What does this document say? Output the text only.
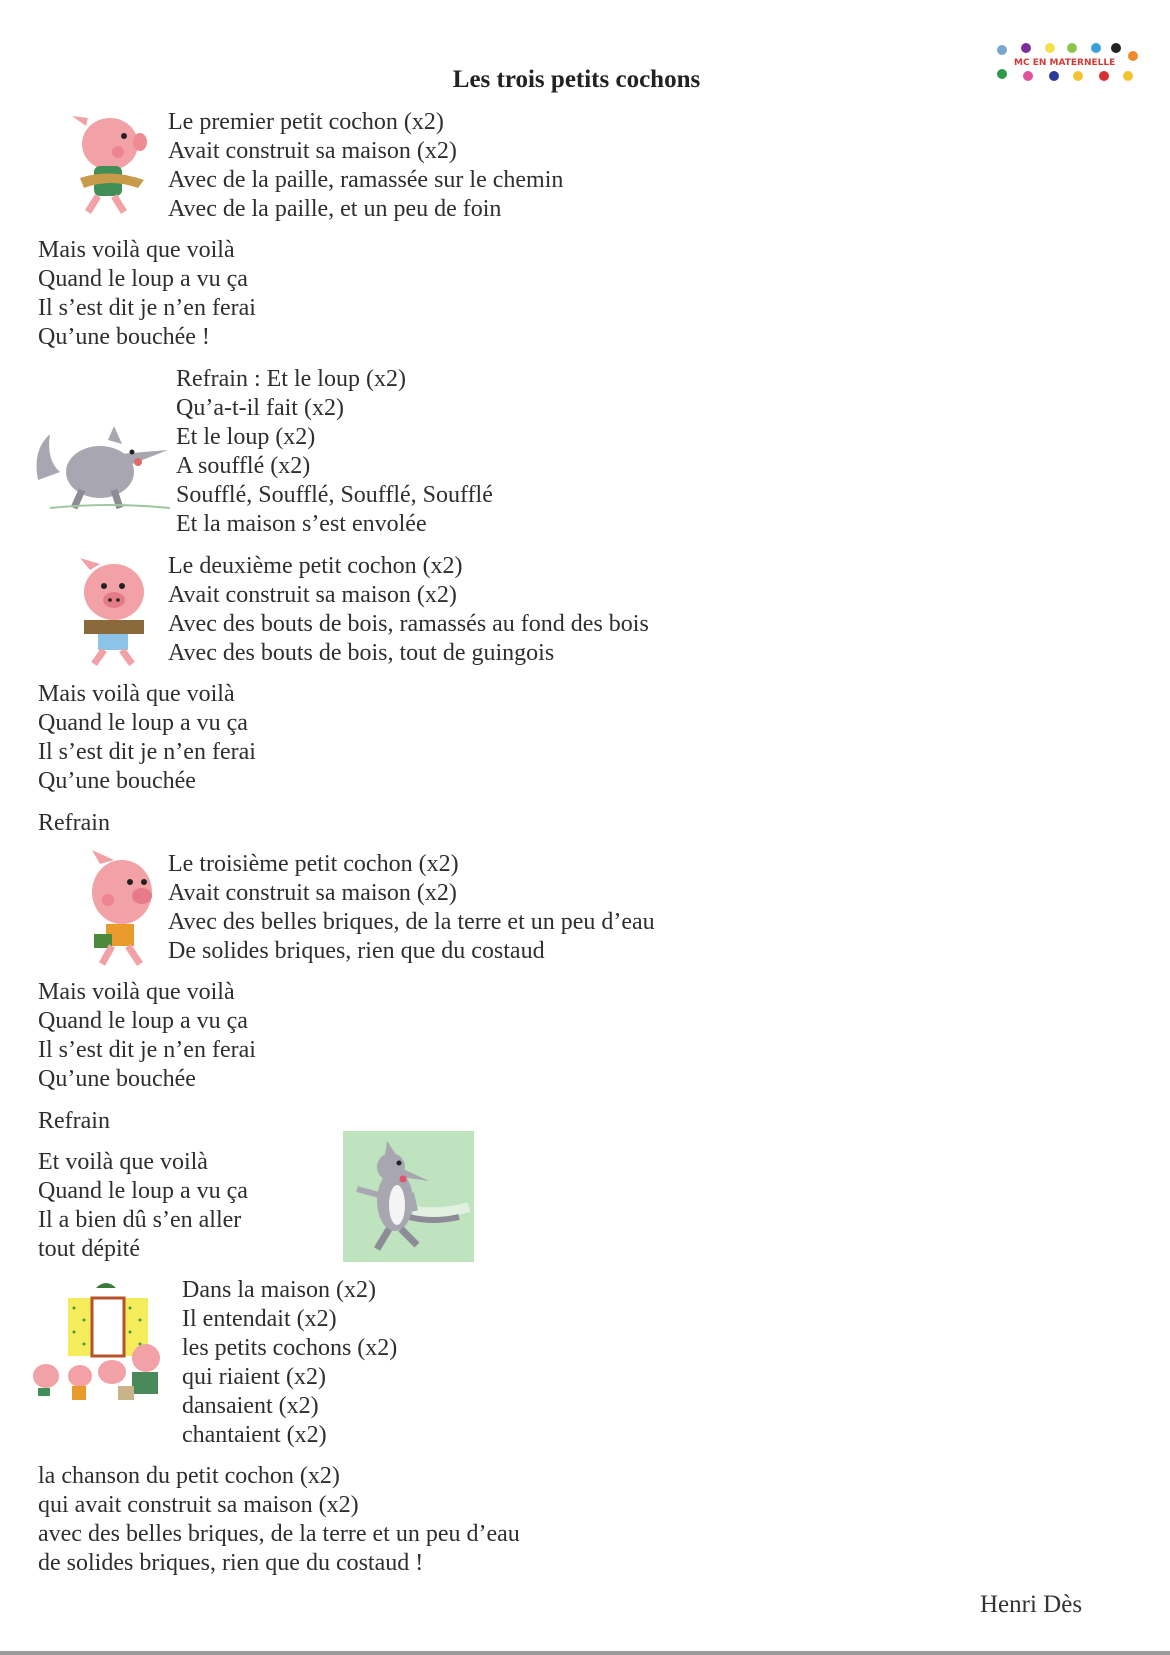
Les trois petits cochons
MC EN MATERNELLE
Le premier petit cochon (x2)
Avait construit sa maison (x2)
Avec de la paille, ramassée sur le chemin
Avec de la paille, et un peu de foin
Mais voilà que voilà
Quand le loup a vu ça
Il s’est dit je n’en ferai
Qu’une bouchée !
Refrain : Et le loup (x2)
Qu’a-t-il fait (x2)
Et le loup (x2)
A soufflé (x2)
Soufflé, Soufflé, Soufflé, Soufflé
Et la maison s’est envolée
Le deuxième petit cochon (x2)
Avait construit sa maison (x2)
Avec des bouts de bois, ramassés au fond des bois
Avec des bouts de bois, tout de guingois
Mais voilà que voilà
Quand le loup a vu ça
Il s’est dit je n’en ferai
Qu’une bouchée
Refrain
Le troisième petit cochon (x2)
Avait construit sa maison (x2)
Avec des belles briques, de la terre et un peu d’eau
De solides briques, rien que du costaud
Mais voilà que voilà
Quand le loup a vu ça
Il s’est dit je n’en ferai
Qu’une bouchée
Refrain
Et voilà que voilà
Quand le loup a vu ça
Il a bien dû s’en aller
tout dépité
Dans la maison (x2)
Il entendait (x2)
les petits cochons (x2)
qui riaient (x2)
dansaient (x2)
chantaient (x2)
la chanson du petit cochon (x2)
qui avait construit sa maison (x2)
avec des belles briques, de la terre et un peu d’eau
de solides briques, rien que du costaud !
Henri Dès
